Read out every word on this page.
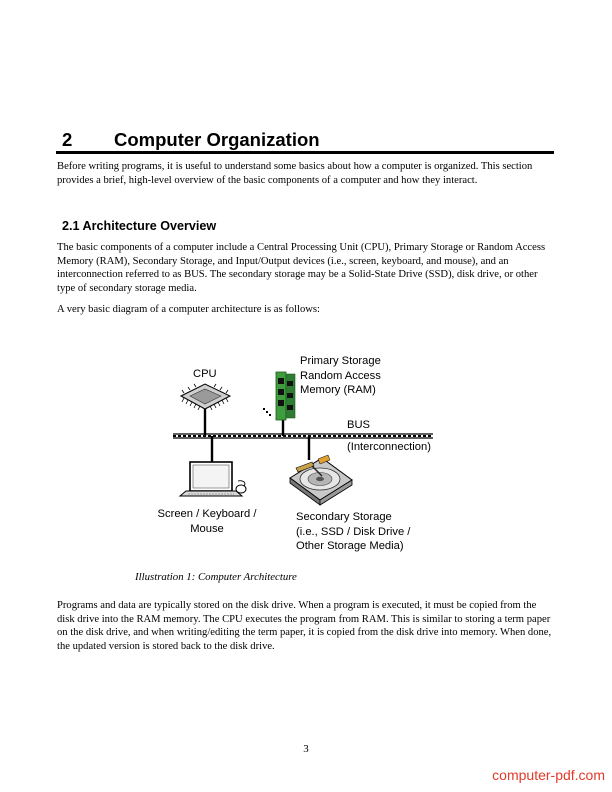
2 Computer Organization

Before writing programs, it is useful to understand some basics about how a computer is organized. This section provides a brief, high-level overview of the basic components of a computer and how they interact.

2.1 Architecture Overview

The basic components of a computer include a Central Processing Unit (CPU), Primary Storage or Random Access Memory (RAM), Secondary Storage, and Input/Output devices (i.e., screen, keyboard, and mouse), and an interconnection referred to as BUS. The secondary storage may be a Solid-State Drive (SSD), disk drive, or other type of secondary storage media.

A very basic diagram of a computer architecture is as follows:

CPU
Primary Storage
Random Access
Memory (RAM)
BUS
(Interconnection)
Screen / Keyboard /
Mouse
Secondary Storage
(i.e., SSD / Disk Drive /
Other Storage Media)
Illustration 1: Computer Architecture

Programs and data are typically stored on the disk drive. When a program is executed, it must be copied from the disk drive into the RAM memory. The CPU executes the program from RAM. This is similar to storing a term paper on the disk drive, and when writing/editing the term paper, it is copied from the disk drive into memory. When done, the updated version is stored back to the disk drive.

3
computer-pdf.com
